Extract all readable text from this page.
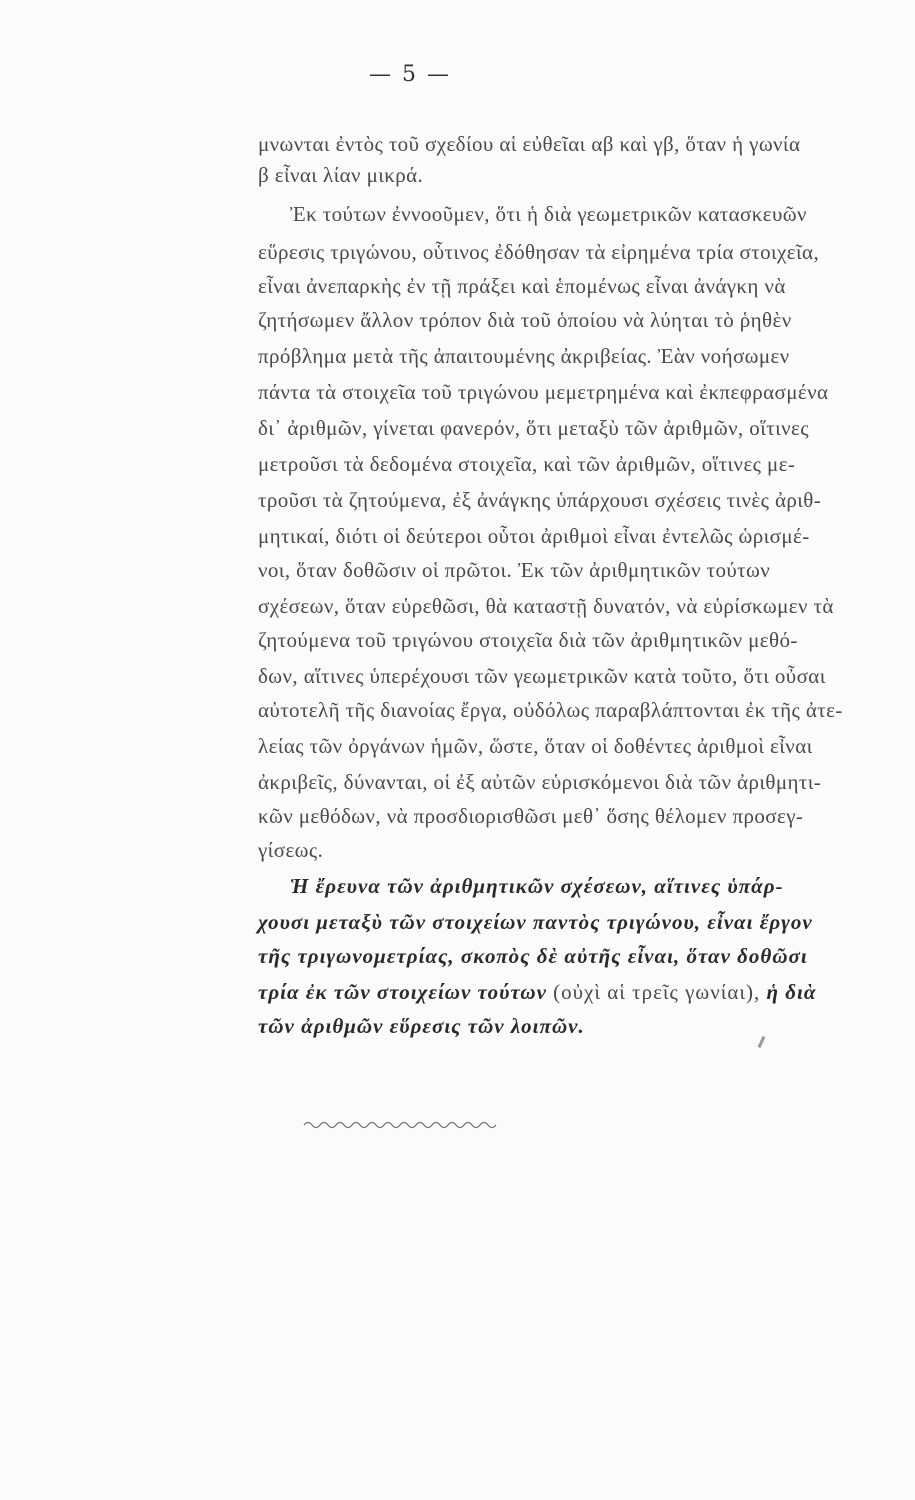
— 5 —
μνωνται ἐντὸς τοῦ σχεδίου αἱ εὐθεῖαι αβ καὶ γβ, ὅταν ἡ γωνία
β εἶναι λίαν μικρά.
Ἐκ τούτων ἐννοοῦμεν, ὅτι ἡ διὰ γεωμετρικῶν κατασκευῶν
εὕρεσις τριγώνου, οὗτινος ἐδόθησαν τὰ εἰρημένα τρία στοιχεῖα,
εἶναι ἀνεπαρκὴς ἐν τῇ πράξει καὶ ἑπομένως εἶναι ἀνάγκη νὰ
ζητήσωμεν ἄλλον τρόπον διὰ τοῦ ὁποίου νὰ λύηται τὸ ῥηθὲν
πρόβλημα μετὰ τῆς ἀπαιτουμένης ἀκριβείας. Ἐὰν νοήσωμεν
πάντα τὰ στοιχεῖα τοῦ τριγώνου μεμετρημένα καὶ ἐκπεφρασμένα
δι᾿ ἀριθμῶν, γίνεται φανερόν, ὅτι μεταξὺ τῶν ἀριθμῶν, οἵτινες
μετροῦσι τὰ δεδομένα στοιχεῖα, καὶ τῶν ἀριθμῶν, οἵτινες με-
τροῦσι τὰ ζητούμενα, ἐξ ἀνάγκης ὑπάρχουσι σχέσεις τινὲς ἀριθ-
μητικαί, διότι οἱ δεύτεροι οὗτοι ἀριθμοὶ εἶναι ἐντελῶς ὡρισμέ-
νοι, ὅταν δοθῶσιν οἱ πρῶτοι. Ἐκ τῶν ἀριθμητικῶν τούτων
σχέσεων, ὅταν εὑρεθῶσι, θὰ καταστῇ δυνατόν, νὰ εὑρίσκωμεν τὰ
ζητούμενα τοῦ τριγώνου στοιχεῖα διὰ τῶν ἀριθμητικῶν μεθό-
δων, αἵτινες ὑπερέχουσι τῶν γεωμετρικῶν κατὰ τοῦτο, ὅτι οὖσαι
αὐτοτελῆ τῆς διανοίας ἔργα, οὐδόλως παραβλάπτονται ἐκ τῆς ἀτε-
λείας τῶν ὀργάνων ἡμῶν, ὥστε, ὅταν οἱ δοθέντες ἀριθμοὶ εἶναι
ἀκριβεῖς, δύνανται, οἱ ἐξ αὐτῶν εὑρισκόμενοι διὰ τῶν ἀριθμητι-
κῶν μεθόδων, νὰ προσδιορισθῶσι μεθ᾿ ὅσης θέλομεν προσεγ-
γίσεως.
Ἡ ἔρευνα τῶν ἀριθμητικῶν σχέσεων, αἵτινες ὑπάρ-
χουσι μεταξὺ τῶν στοιχείων παντὸς τριγώνου, εἶναι ἔργον
τῆς τριγωνομετρίας, σκοπὸς δὲ αὐτῆς εἶναι, ὅταν δοθῶσι
τρία ἐκ τῶν στοιχείων τούτων (οὐχὶ αἱ τρεῖς γωνίαι), ἡ διὰ
τῶν ἀριθμῶν εὕρεσις τῶν λοιπῶν.
